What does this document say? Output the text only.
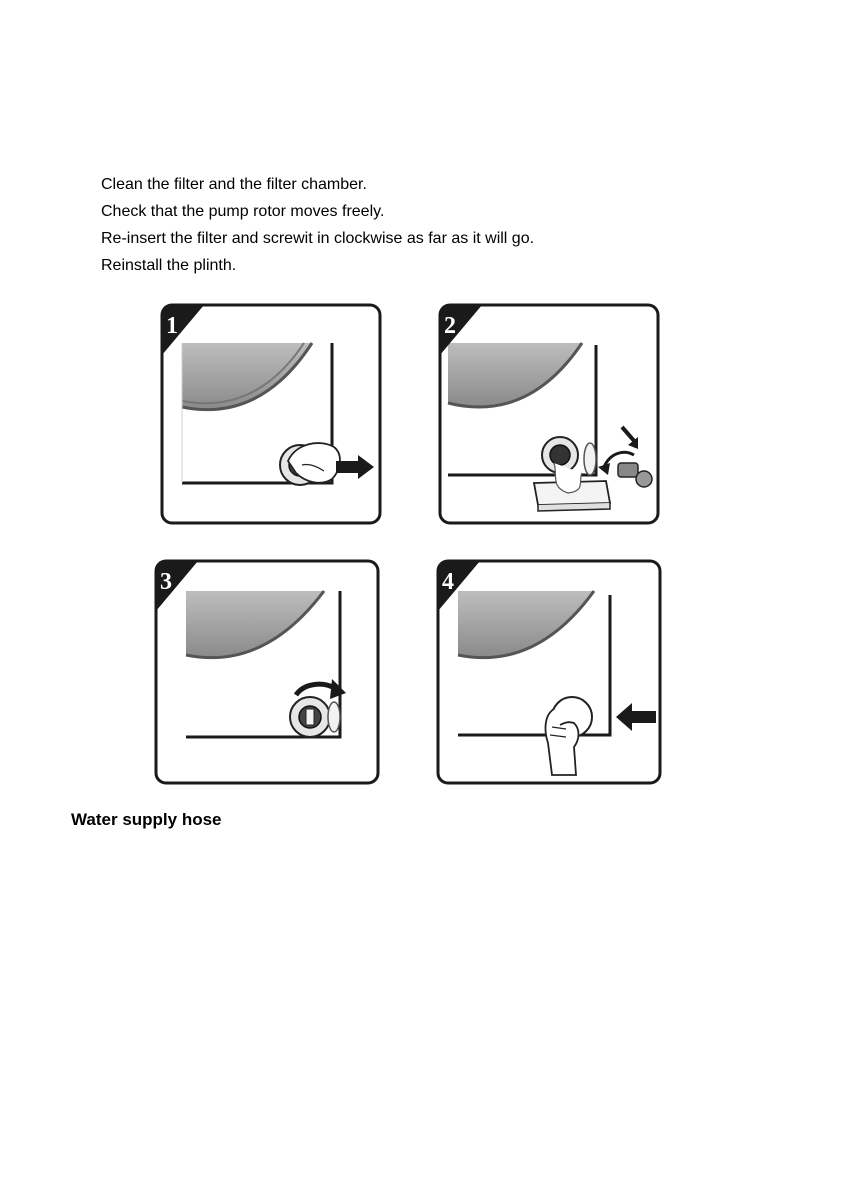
Clean the filter and the filter chamber.
Check that the pump rotor moves freely.
Re-insert the filter and screwit in clockwise as far as it will go.
Reinstall the plinth.
1	2
3	4
Water supply hose
